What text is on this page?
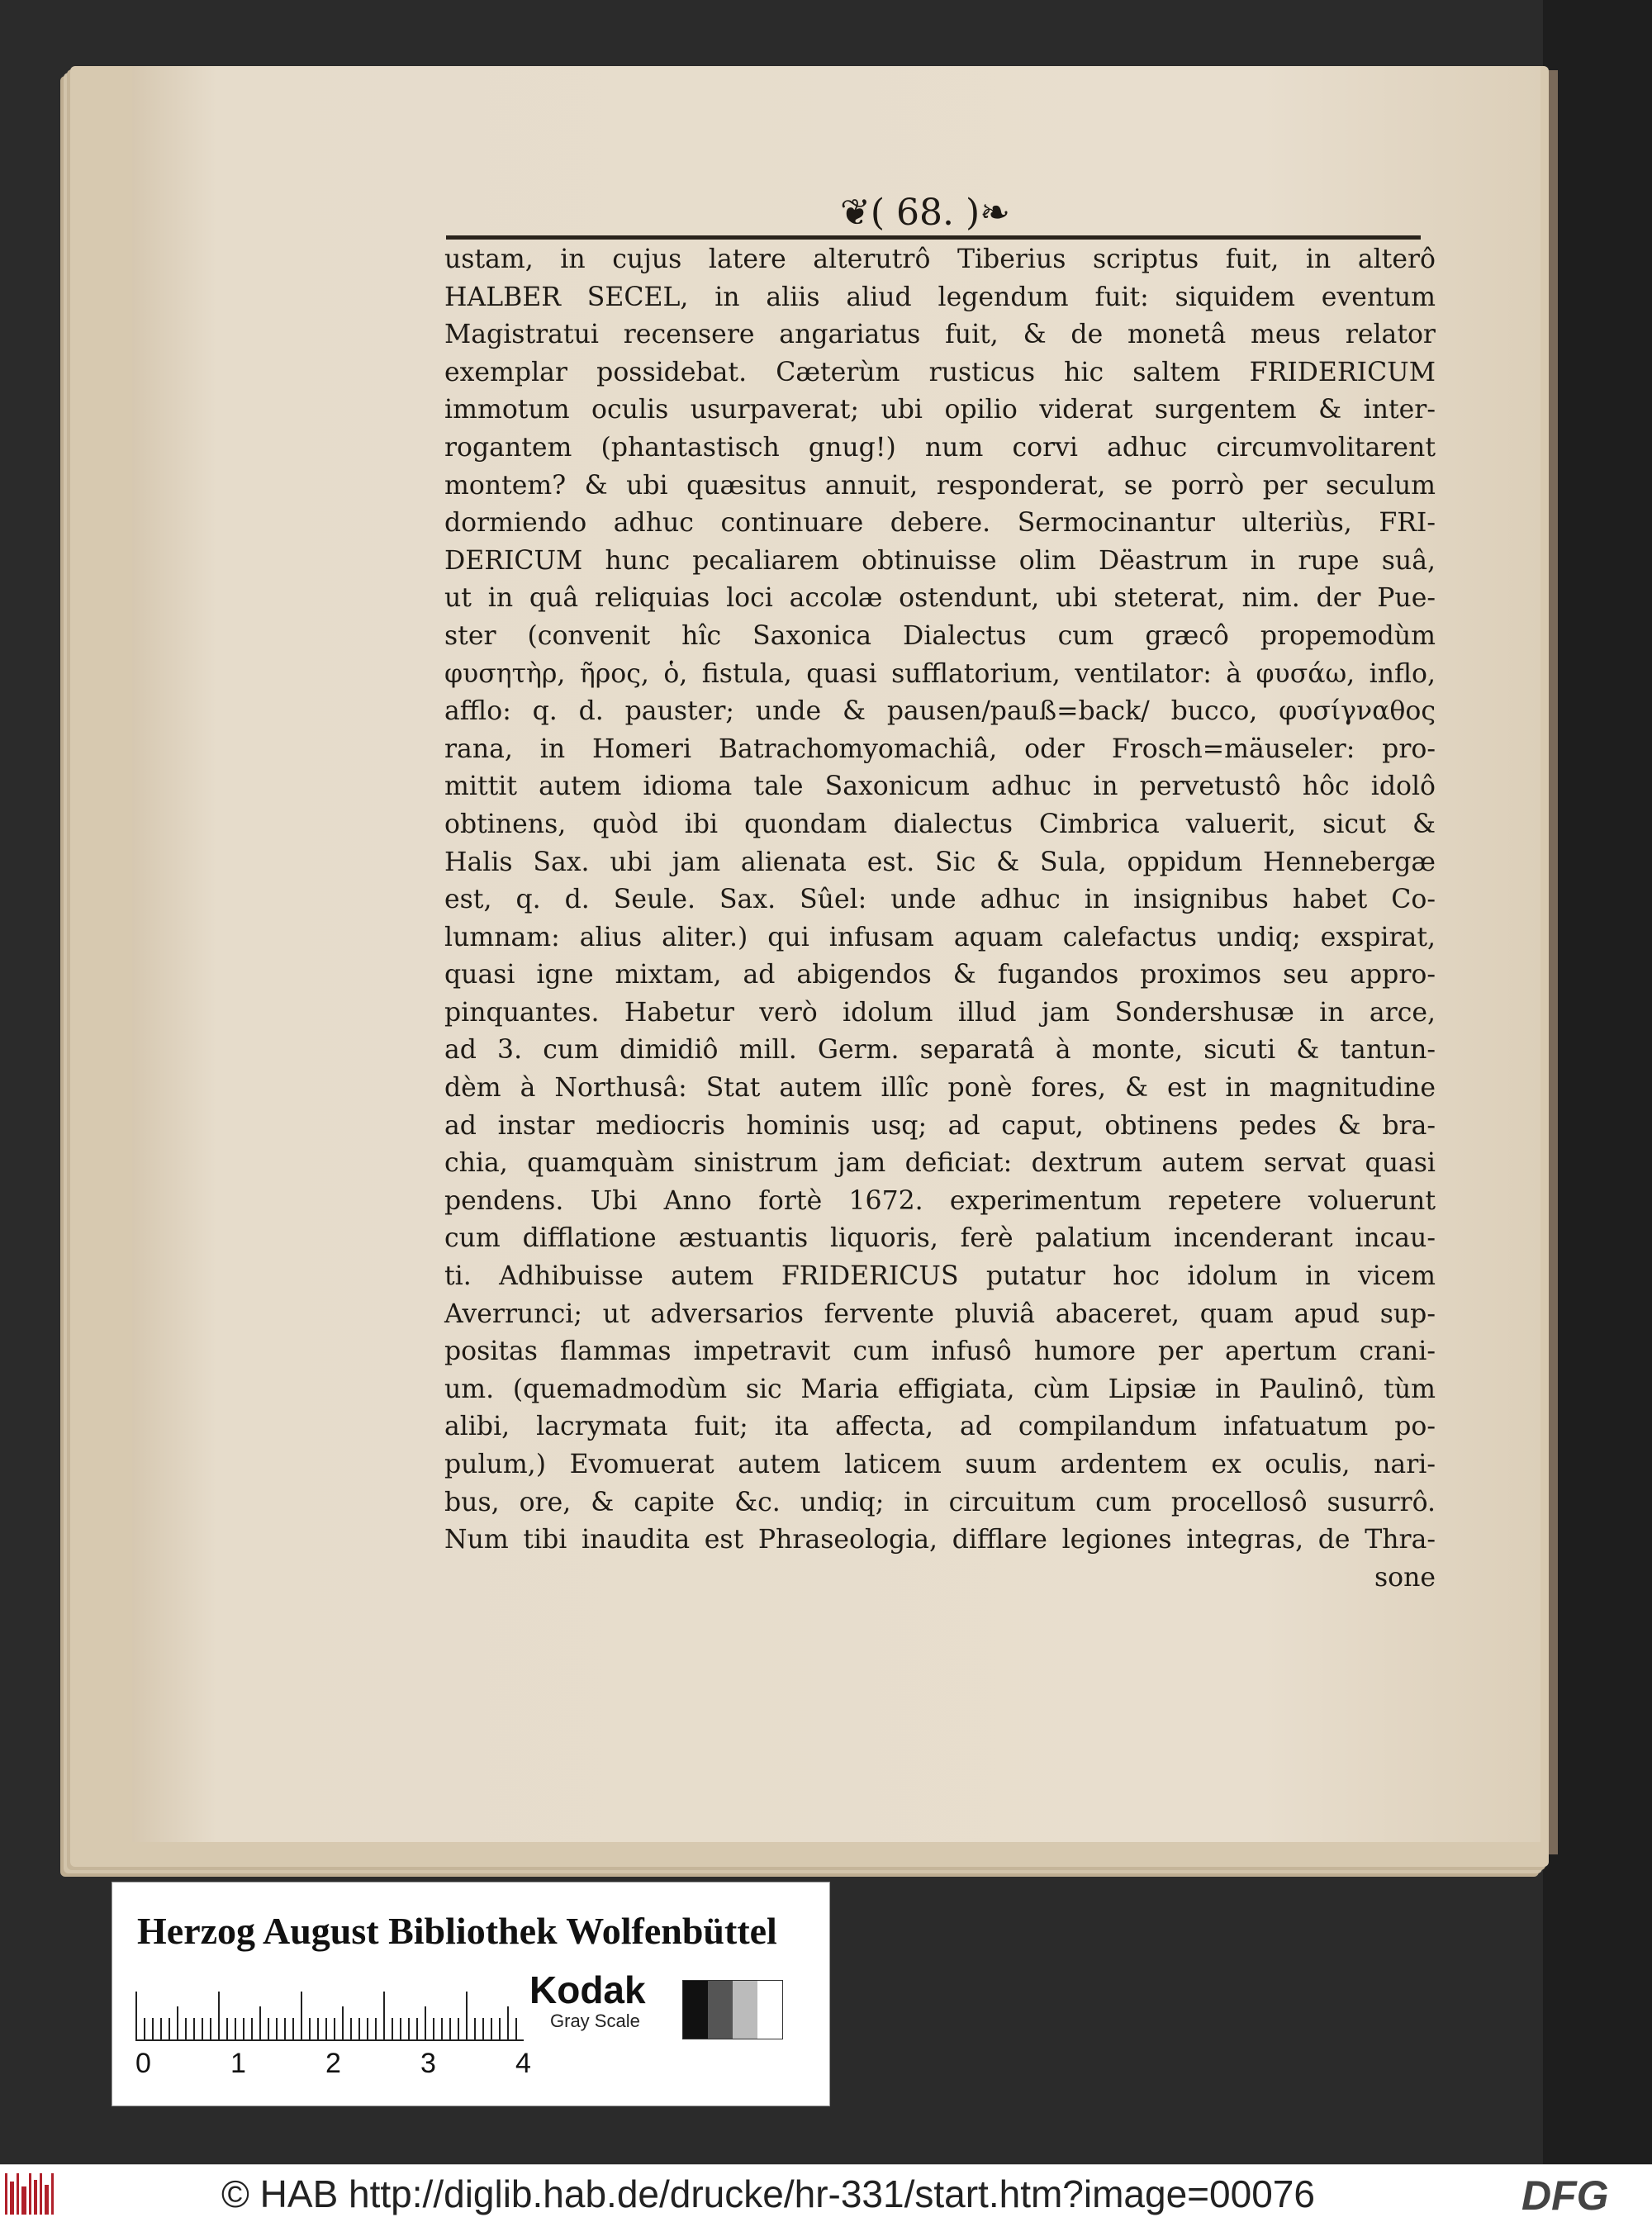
❦( 68. )❧
ustam, in cujus latere alterutrô Tiberius scriptus fuit, in alterô
HALBER SECEL, in aliis aliud legendum fuit: siquidem eventum
Magistratui recensere angariatus fuit, & de monetâ meus relator
exemplar possidebat. Cæterùm rusticus hic saltem FRIDERICUM
immotum oculis usurpaverat; ubi opilio viderat surgentem & inter-
rogantem (phantastisch gnug!) num corvi adhuc circumvolitarent
montem? & ubi quæsitus annuit, responderat, se porrò per seculum
dormiendo adhuc continuare debere. Sermocinantur ulteriùs, FRI-
DERICUM hunc pecaliarem obtinuisse olim Dëastrum in rupe suâ,
ut in quâ reliquias loci accolæ ostendunt, ubi steterat, nim. der Pue-
ster (convenit hîc Saxonica Dialectus cum græcô propemodùm
φυσητὴρ, ῆρος, ὁ, fistula, quasi sufflatorium, ventilator: à φυσάω, inflo,
afflo: q. d. pauster; unde & pausen/pauß=back/ bucco, φυσίγναθος
rana, in Homeri Batrachomyomachiâ, oder Frosch=mäuseler: pro-
mittit autem idioma tale Saxonicum adhuc in pervetustô hôc idolô
obtinens, quòd ibi quondam dialectus Cimbrica valuerit, sicut &
Halis Sax. ubi jam alienata est. Sic & Sula, oppidum Hennebergæ
est, q. d. Seule. Sax. Sûel: unde adhuc in insignibus habet Co-
lumnam: alius aliter.) qui infusam aquam calefactus undiq; exspirat,
quasi igne mixtam, ad abigendos & fugandos proximos seu appro-
pinquantes. Habetur verò idolum illud jam Sondershusæ in arce,
ad 3. cum dimidiô mill. Germ. separatâ à monte, sicuti & tantun-
dèm à Northusâ: Stat autem illîc ponè fores, & est in magnitudine
ad instar mediocris hominis usq; ad caput, obtinens pedes & bra-
chia, quamquàm sinistrum jam deficiat: dextrum autem servat quasi
pendens. Ubi Anno fortè 1672. experimentum repetere voluerunt
cum difflatione æstuantis liquoris, ferè palatium incenderant incau-
ti. Adhibuisse autem FRIDERICUS putatur hoc idolum in vicem
Averrunci; ut adversarios fervente pluviâ abaceret, quam apud sup-
positas flammas impetravit cum infusô humore per apertum crani-
um. (quemadmodùm sic Maria effigiata, cùm Lipsiæ in Paulinô, tùm
alibi, lacrymata fuit; ita affecta, ad compilandum infatuatum po-
pulum,) Evomuerat autem laticem suum ardentem ex oculis, nari-
bus, ore, & capite &c. undiq; in circuitum cum procellosô susurrô.
Num tibi inaudita est Phraseologia, difflare legiones integras, de Thra-
sone
Herzog August Bibliothek Wolfenbüttel
0	1	2	3	4
Kodak
Gray Scale
© HAB http://diglib.hab.de/drucke/hr-331/start.htm?image=00076	DFG
